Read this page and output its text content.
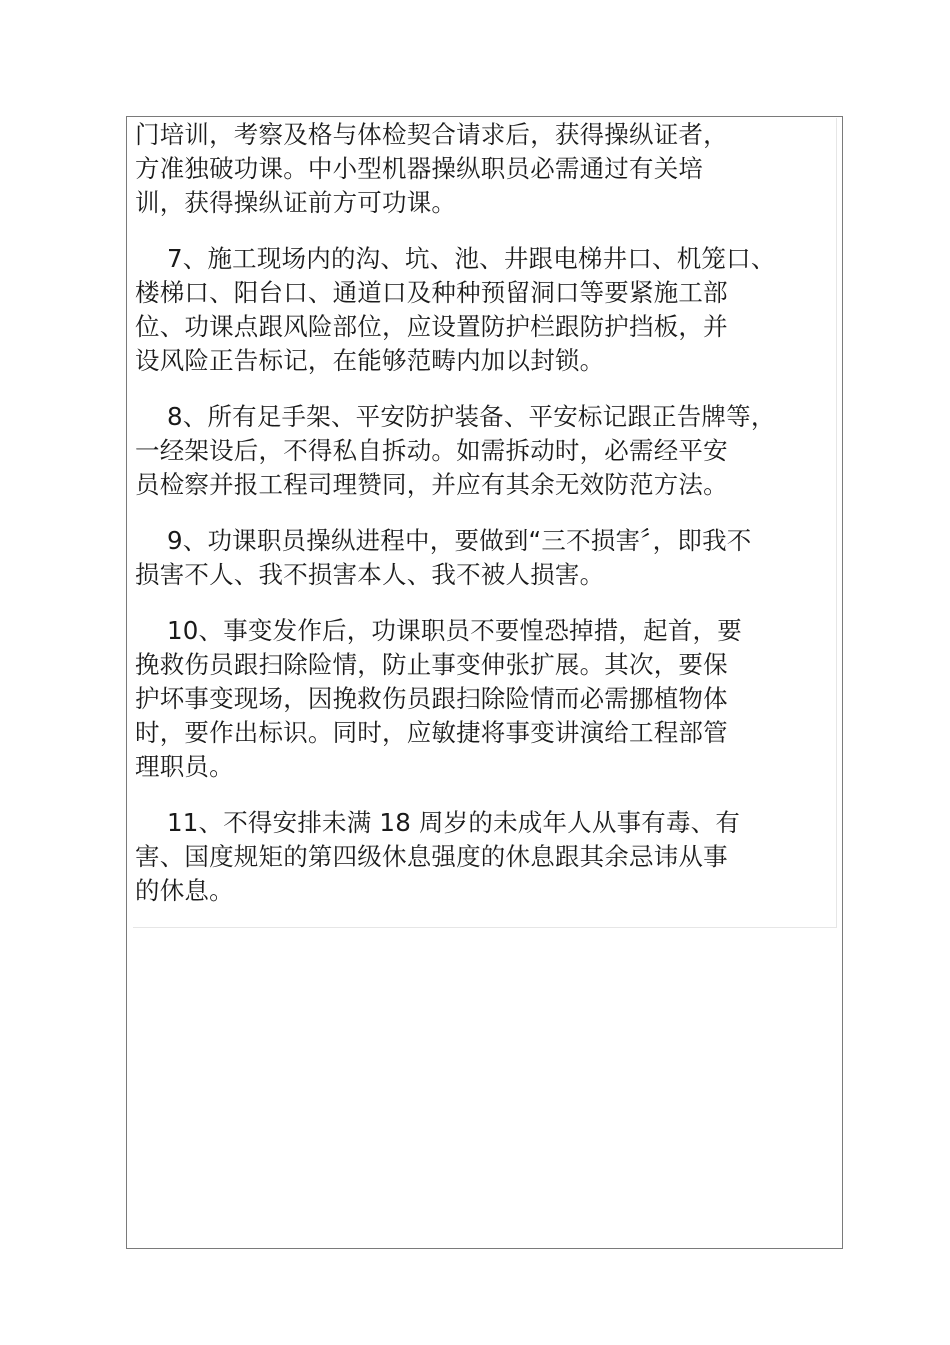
门培训，考察及格与体检契合请求后，获得操纵证者，
方准独破功课。中小型机器操纵职员必需通过有关培
训，获得操纵证前方可功课。
7、施工现场内的沟、坑、池、井跟电梯井口、机笼口、
楼梯口、阳台口、通道口及种种预留洞口等要紧施工部
位、功课点跟风险部位，应设置防护栏跟防护挡板，并
设风险正告标记，在能够范畴内加以封锁。
8、所有足手架、平安防护装备、平安标记跟正告牌等，
一经架设后，不得私自拆动。如需拆动时，必需经平安
员检察并报工程司理赞同，并应有其余无效防范方法。
9、功课职员操纵进程中，要做到“三不损害〞，即我不
损害不人、我不损害本人、我不被人损害。
10、事变发作后，功课职员不要惶恐掉措，起首，要
挽救伤员跟扫除险情，防止事变伸张扩展。其次，要保
护坏事变现场，因挽救伤员跟扫除险情而必需挪植物体
时，要作出标识。同时，应敏捷将事变讲演给工程部管
理职员。
11、不得安排未满 18 周岁的未成年人从事有毒、有
害、国度规矩的第四级休息强度的休息跟其余忌讳从事
的休息。
